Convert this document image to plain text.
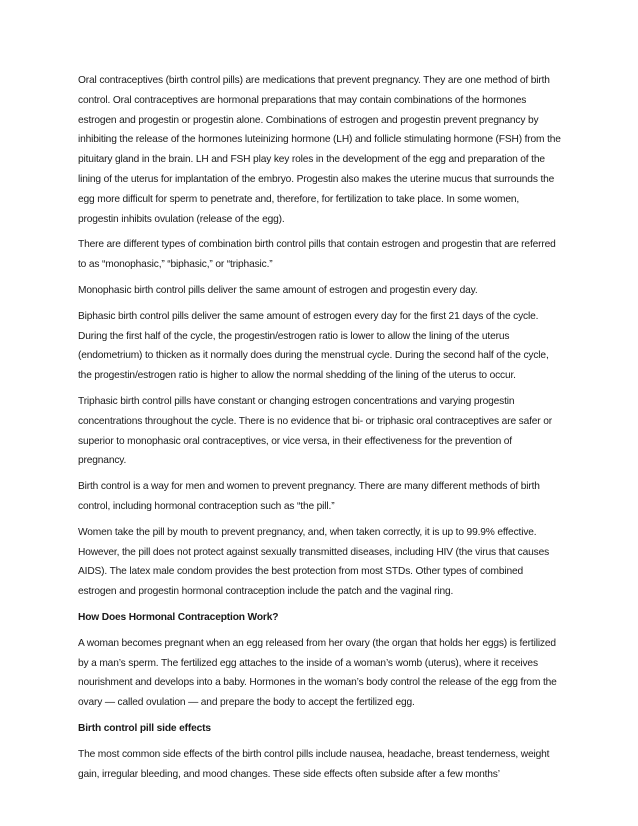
Oral contraceptives (birth control pills) are medications that prevent pregnancy. They are one method of birth control. Oral contraceptives are hormonal preparations that may contain combinations of the hormones estrogen and progestin or progestin alone. Combinations of estrogen and progestin prevent pregnancy by inhibiting the release of the hormones luteinizing hormone (LH) and follicle stimulating hormone (FSH) from the pituitary gland in the brain. LH and FSH play key roles in the development of the egg and preparation of the lining of the uterus for implantation of the embryo. Progestin also makes the uterine mucus that surrounds the egg more difficult for sperm to penetrate and, therefore, for fertilization to take place. In some women, progestin inhibits ovulation (release of the egg).

There are different types of combination birth control pills that contain estrogen and progestin that are referred to as “monophasic,” “biphasic,” or “triphasic.”

Monophasic birth control pills deliver the same amount of estrogen and progestin every day.

Biphasic birth control pills deliver the same amount of estrogen every day for the first 21 days of the cycle. During the first half of the cycle, the progestin/estrogen ratio is lower to allow the lining of the uterus (endometrium) to thicken as it normally does during the menstrual cycle. During the second half of the cycle, the progestin/estrogen ratio is higher to allow the normal shedding of the lining of the uterus to occur.

Triphasic birth control pills have constant or changing estrogen concentrations and varying progestin concentrations throughout the cycle. There is no evidence that bi- or triphasic oral contraceptives are safer or superior to monophasic oral contraceptives, or vice versa, in their effectiveness for the prevention of pregnancy.

Birth control is a way for men and women to prevent pregnancy. There are many different methods of birth control, including hormonal contraception such as “the pill.”

Women take the pill by mouth to prevent pregnancy, and, when taken correctly, it is up to 99.9% effective. However, the pill does not protect against sexually transmitted diseases, including HIV (the virus that causes AIDS). The latex male condom provides the best protection from most STDs. Other types of combined estrogen and progestin hormonal contraception include the patch and the vaginal ring.

How Does Hormonal Contraception Work?

A woman becomes pregnant when an egg released from her ovary (the organ that holds her eggs) is fertilized by a man’s sperm. The fertilized egg attaches to the inside of a woman’s womb (uterus), where it receives nourishment and develops into a baby. Hormones in the woman’s body control the release of the egg from the ovary — called ovulation — and prepare the body to accept the fertilized egg.

Birth control pill side effects

The most common side effects of the birth control pills include nausea, headache, breast tenderness, weight gain, irregular bleeding, and mood changes. These side effects often subside after a few months’
